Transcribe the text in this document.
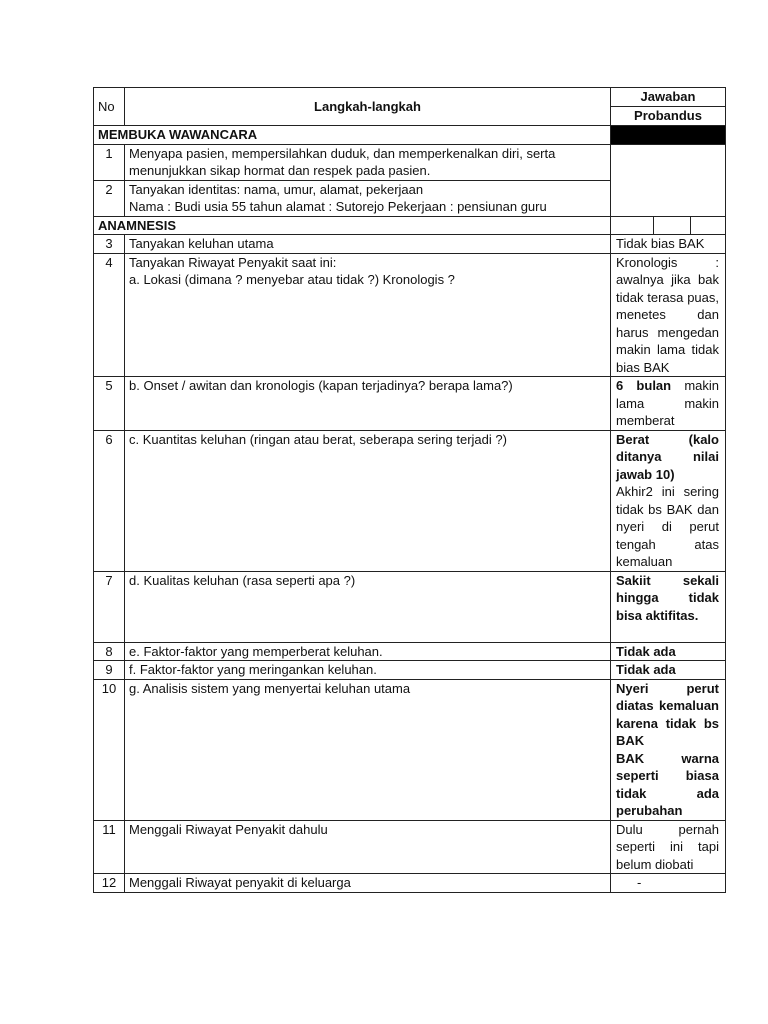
No	Langkah-langkah	Jawaban
Probandus

MEMBUKA WAWANCARA		
1	Menyapa pasien, mempersilahkan duduk, dan memperkenalkan diri, serta
menunjukkan sikap hormat dan respek pada pasien.	

2	Tanyakan identitas: nama, umur, alamat, pekerjaan
Nama : Budi usia 55 tahun alamat : Sutorejo Pekerjaan : pensiunan guru	

ANAMNESIS		

3	Tanyakan keluhan utama	Tidak bias BAK
4	Tanyakan Riwayat Penyakit saat ini:
a. Lokasi (dimana ? menyebar atau tidak ?) Kronologis ?	Kronologis : awalnya jika bak tidak terasa puas, menetes dan harus mengedan makin lama tidak bias BAK
5	b. Onset / awitan dan kronologis (kapan terjadinya? berapa lama?)	6 bulan makin lama makin memberat
6	c. Kuantitas keluhan (ringan atau berat, seberapa sering terjadi ?)	Berat (kalo ditanya nilai jawab 10)
Akhir2 ini sering tidak bs BAK dan nyeri di perut tengah atas kemaluan

7	d. Kualitas keluhan (rasa seperti apa ?)	Sakiit sekali hingga tidak bisa aktifitas.
8	e. Faktor-faktor yang memperberat keluhan.	Tidak ada
9	f. Faktor-faktor yang meringankan keluhan.	Tidak ada
10	g. Analisis sistem yang menyertai keluhan utama	Nyeri perut diatas kemaluan karena tidak bs BAK
BAK warna seperti biasa tidak ada perubahan

11	Menggali Riwayat Penyakit dahulu	Dulu pernah seperti ini tapi belum diobati
12	Menggali Riwayat penyakit di keluarga	-
